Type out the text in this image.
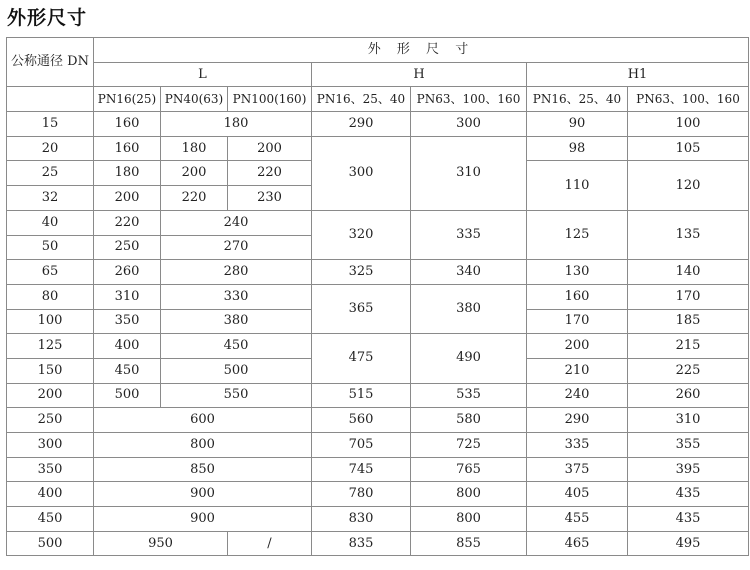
外形尺寸
公称通径 DN	外 形 尺 寸						
	L			H		H1	
	PN16(25)	PN40(63)	PN100(160)	PN16、25、40	PN63、100、160	PN16、25、40	PN63、100、160
15	160	180		290	300	90	100
20	160	180	200	300	310	98	105
25	180	200	220			110	120
32	200	220	230				
40	220	240		320	335	125	135
50	250	270					
65	260	280		325	340	130	140
80	310	330		365	380	160	170
100	350	380				170	185
125	400	450		475	490	200	215
150	450	500				210	225
200	500	550		515	535	240	260
250	600			560	580	290	310
300	800			705	725	335	355
350	850			745	765	375	395
400	900			780	800	405	435
450	900			830	800	455	435
500	950		/	835	855	465	495
